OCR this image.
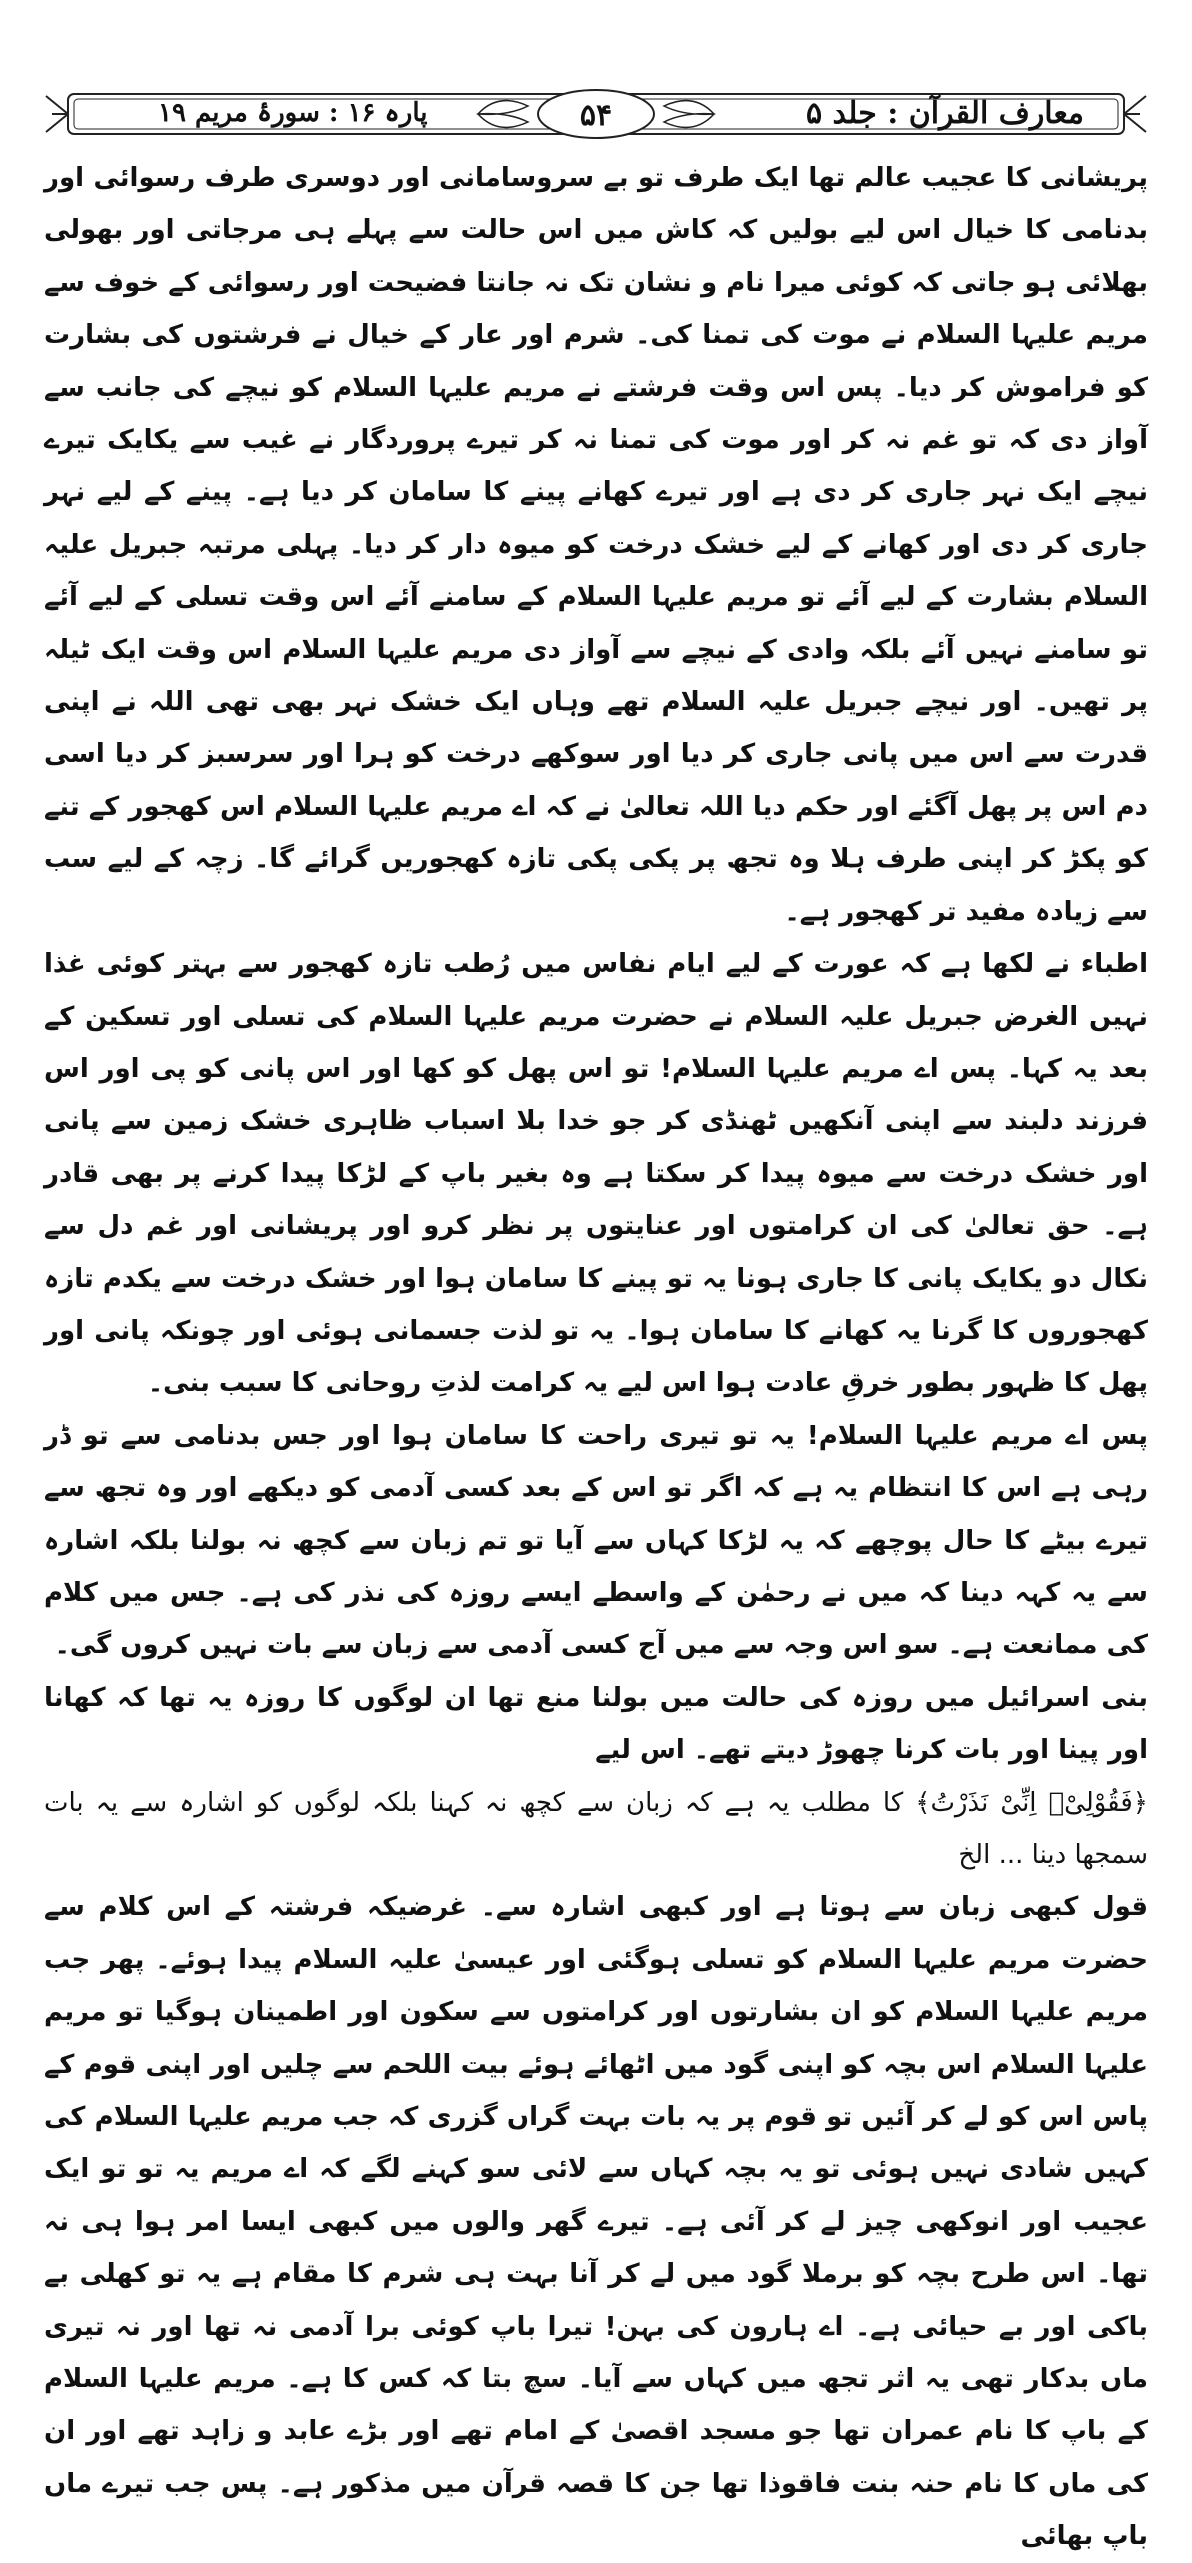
معارف القرآن : جلد ۵
۵۴
پارہ ۱۶ : سورۂ مریم ۱۹

پریشانی کا عجیب عالم تھا ایک طرف تو بے سروسامانی اور دوسری طرف رسوائی اور بدنامی کا خیال اس لیے بولیں کہ کاش میں اس حالت سے پہلے ہی مرجاتی اور بھولی بھلائی ہو جاتی کہ کوئی میرا نام و نشان تک نہ جانتا فضیحت اور رسوائی کے خوف سے مریم علیہا السلام نے موت کی تمنا کی۔ شرم اور عار کے خیال نے فرشتوں کی بشارت کو فراموش کر دیا۔ پس اس وقت فرشتے نے مریم علیہا السلام کو نیچے کی جانب سے آواز دی کہ تو غم نہ کر اور موت کی تمنا نہ کر تیرے پروردگار نے غیب سے یکایک تیرے نیچے ایک نہر جاری کر دی ہے اور تیرے کھانے پینے کا سامان کر دیا ہے۔ پینے کے لیے نہر جاری کر دی اور کھانے کے لیے خشک درخت کو میوہ دار کر دیا۔ پہلی مرتبہ جبریل علیہ السلام بشارت کے لیے آئے تو مریم علیہا السلام کے سامنے آئے اس وقت تسلی کے لیے آئے تو سامنے نہیں آئے بلکہ وادی کے نیچے سے آواز دی مریم علیہا السلام اس وقت ایک ٹیلہ پر تھیں۔ اور نیچے جبریل علیہ السلام تھے وہاں ایک خشک نہر بھی تھی اللہ نے اپنی قدرت سے اس میں پانی جاری کر دیا اور سوکھے درخت کو ہرا اور سرسبز کر دیا اسی دم اس پر پھل آگئے اور حکم دیا اللہ تعالیٰ نے کہ اے مریم علیہا السلام اس کھجور کے تنے کو پکڑ کر اپنی طرف ہلا وہ تجھ پر پکی پکی تازہ کھجوریں گرائے گا۔ زچہ کے لیے سب سے زیادہ مفید تر کھجور ہے۔

اطباء نے لکھا ہے کہ عورت کے لیے ایام نفاس میں رُطب تازہ کھجور سے بہتر کوئی غذا نہیں الغرض جبریل علیہ السلام نے حضرت مریم علیہا السلام کی تسلی اور تسکین کے بعد یہ کہا۔ پس اے مریم علیہا السلام! تو اس پھل کو کھا اور اس پانی کو پی اور اس فرزند دلبند سے اپنی آنکھیں ٹھنڈی کر جو خدا بلا اسباب ظاہری خشک زمین سے پانی اور خشک درخت سے میوہ پیدا کر سکتا ہے وہ بغیر باپ کے لڑکا پیدا کرنے پر بھی قادر ہے۔ حق تعالیٰ کی ان کرامتوں اور عنایتوں پر نظر کرو اور پریشانی اور غم دل سے نکال دو یکایک پانی کا جاری ہونا یہ تو پینے کا سامان ہوا اور خشک درخت سے یکدم تازہ کھجوروں کا گرنا یہ کھانے کا سامان ہوا۔ یہ تو لذت جسمانی ہوئی اور چونکہ پانی اور پھل کا ظہور بطور خرقِ عادت ہوا اس لیے یہ کرامت لذتِ روحانی کا سبب بنی۔

پس اے مریم علیہا السلام! یہ تو تیری راحت کا سامان ہوا اور جس بدنامی سے تو ڈر رہی ہے اس کا انتظام یہ ہے کہ اگر تو اس کے بعد کسی آدمی کو دیکھے اور وہ تجھ سے تیرے بیٹے کا حال پوچھے کہ یہ لڑکا کہاں سے آیا تو تم زبان سے کچھ نہ بولنا بلکہ اشارہ سے یہ کہہ دینا کہ میں نے رحمٰن کے واسطے ایسے روزہ کی نذر کی ہے۔ جس میں کلام کی ممانعت ہے۔ سو اس وجہ سے میں آج کسی آدمی سے زبان سے بات نہیں کروں گی۔

بنی اسرائیل میں روزہ کی حالت میں بولنا منع تھا ان لوگوں کا روزہ یہ تھا کہ کھانا اور پینا اور بات کرنا چھوڑ دیتے تھے۔ اس لیے

﴿فَقُوْلِیْۤ اِنِّیْ نَذَرْتُ﴾ کا مطلب یہ ہے کہ زبان سے کچھ نہ کہنا بلکہ لوگوں کو اشارہ سے یہ بات سمجھا دینا ... الخ

قول کبھی زبان سے ہوتا ہے اور کبھی اشارہ سے۔ غرضیکہ فرشتہ کے اس کلام سے حضرت مریم علیہا السلام کو تسلی ہوگئی اور عیسیٰ علیہ السلام پیدا ہوئے۔ پھر جب مریم علیہا السلام کو ان بشارتوں اور کرامتوں سے سکون اور اطمینان ہوگیا تو مریم علیہا السلام اس بچہ کو اپنی گود میں اٹھائے ہوئے بیت اللحم سے چلیں اور اپنی قوم کے پاس اس کو لے کر آئیں تو قوم پر یہ بات بہت گراں گزری کہ جب مریم علیہا السلام کی کہیں شادی نہیں ہوئی تو یہ بچہ کہاں سے لائی سو کہنے لگے کہ اے مریم یہ تو تو ایک عجیب اور انوکھی چیز لے کر آئی ہے۔ تیرے گھر والوں میں کبھی ایسا امر ہوا ہی نہ تھا۔ اس طرح بچہ کو برملا گود میں لے کر آنا بہت ہی شرم کا مقام ہے یہ تو کھلی بے باکی اور بے حیائی ہے۔ اے ہارون کی بہن! تیرا باپ کوئی برا آدمی نہ تھا اور نہ تیری ماں بدکار تھی یہ اثر تجھ میں کہاں سے آیا۔ سچ بتا کہ کس کا ہے۔ مریم علیہا السلام کے باپ کا نام عمران تھا جو مسجد اقصیٰ کے امام تھے اور بڑے عابد و زاہد تھے اور ان کی ماں کا نام حنہ بنت فاقوذا تھا جن کا قصہ قرآن میں مذکور ہے۔ پس جب تیرے ماں باپ بھائی
